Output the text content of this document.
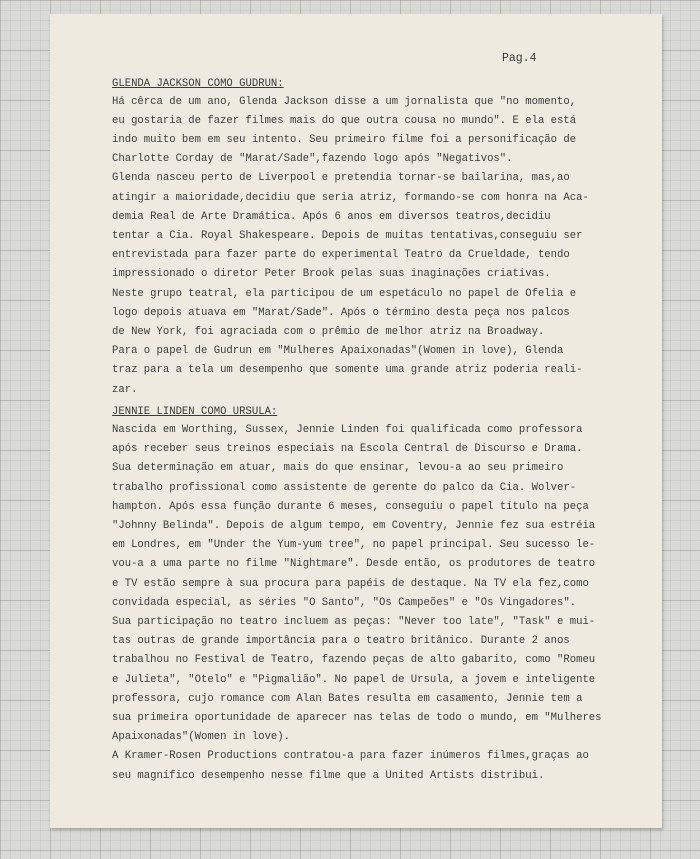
Pag.4
GLENDA JACKSON COMO GUDRUN:
Há cêrca de um ano, Glenda Jackson disse a um jornalista que "no momento,
eu gostaria de fazer filmes mais do que outra cousa no mundo". E ela está
indo muito bem em seu intento. Seu primeiro filme foi a personificação de
Charlotte Corday de "Marat/Sade",fazendo logo após "Negativos".
Glenda nasceu perto de Liverpool e pretendia tornar-se bailarina, mas,ao
atingir a maioridade,decidiu que seria atriz, formando-se com honra na Aca-
demia Real de Arte Dramática. Após 6 anos em diversos teatros,decidiu
tentar a Cia. Royal Shakespeare. Depois de muitas tentativas,conseguiu ser
entrevistada para fazer parte do experimental Teatro da Crueldade, tendo
impressionado o diretor Peter Brook pelas suas inaginações criativas.
Neste grupo teatral, ela participou de um espetáculo no papel de Ofelia e
logo depois atuava em "Marat/Sade". Após o término desta peça nos palcos
de New York, foi agraciada com o prêmio de melhor atriz na Broadway.
Para o papel de Gudrun em "Mulheres Apaixonadas"(Women in love), Glenda
traz para a tela um desempenho que somente uma grande atriz poderia reali-
zar.
JENNIE LINDEN COMO URSULA:
Nascida em Worthing, Sussex, Jennie Linden foi qualificada como professora
após receber seus treinos especiais na Escola Central de Discurso e Drama.
Sua determinação em atuar, mais do que ensinar, levou-a ao seu primeiro
trabalho profissional como assistente de gerente do palco da Cia. Wolver-
hampton. Após essa função durante 6 meses, conseguiu o papel título na peça
"Johnny Belinda". Depois de algum tempo, em Coventry, Jennie fez sua estréia
em Londres, em "Under the Yum-yum tree", no papel principal. Seu sucesso le-
vou-a a uma parte no filme "Nightmare". Desde então, os produtores de teatro
e TV estão sempre à sua procura para papéis de destaque. Na TV ela fez,como
convidada especial, as séries "O Santo", "Os Campeões" e "Os Vingadores".
Sua participação no teatro incluem as peças: "Never too late", "Task" e mui-
tas outras de grande importância para o teatro britânico. Durante 2 anos
trabalhou no Festival de Teatro, fazendo peças de alto gabarito, como "Romeu
e Julieta", "Otelo" e "Pigmalião". No papel de Ursula, a jovem e inteligente
professora, cujo romance com Alan Bates resulta em casamento, Jennie tem a
sua primeira oportunidade de aparecer nas telas de todo o mundo, em "Mulheres
Apaixonadas"(Women in love).
A Kramer-Rosen Productions contratou-a para fazer inúmeros filmes,graças ao
seu magnífico desempenho nesse filme que a United Artists distribui.
